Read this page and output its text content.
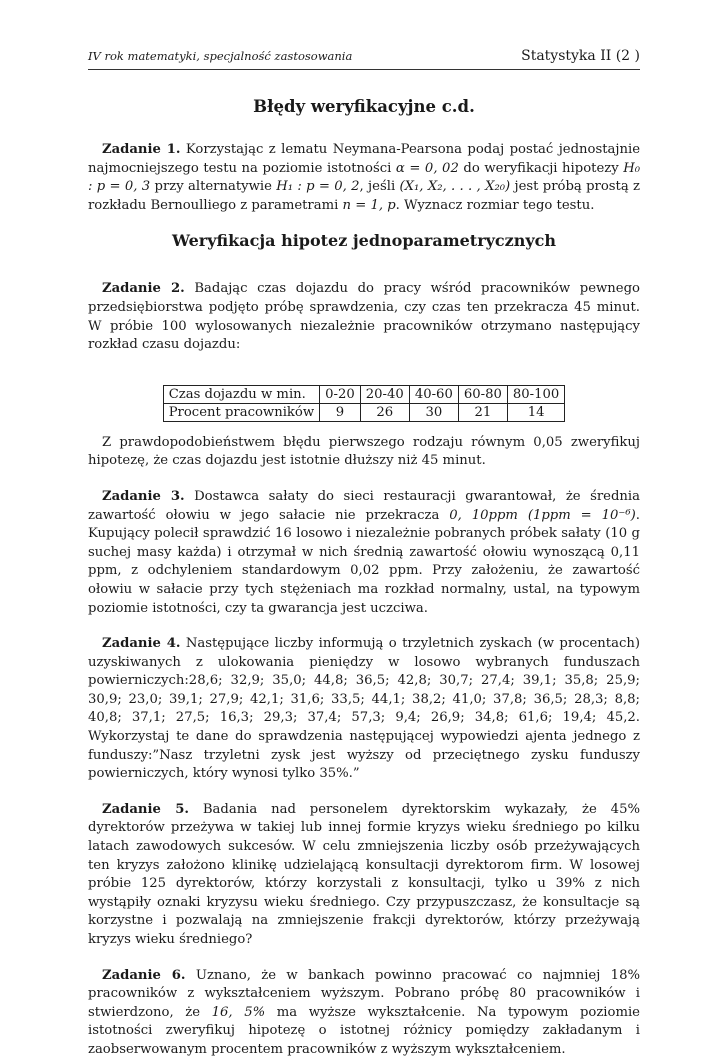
IV rok matematyki, specjalność zastosowania	Statystyka II (2 )
Błędy weryfikacyjne c.d.

Zadanie 1. Korzystając z lematu Neymana-Pearsona podaj postać jednostajnie najmocniejszego testu na poziomie istotności α = 0, 02 do weryfikacji hipotezy H₀ : p = 0, 3 przy alternatywie H₁ : p = 0, 2, jeśli (X₁, X₂, . . . , X₂₀) jest próbą prostą z rozkładu Bernoulliego z parametrami n = 1, p. Wyznacz rozmiar tego testu.

Weryfikacja hipotez jednoparametrycznych

Zadanie 2. Badając czas dojazdu do pracy wśród pracowników pewnego przedsiębiorstwa podjęto próbę sprawdzenia, czy czas ten przekracza 45 minut. W próbie 100 wylosowanych niezależnie pracowników otrzymano następujący rozkład czasu dojazdu:

Czas dojazdu w min.	0-20	20-40	40-60	60-80	80-100
Procent pracowników	9	26	30	21	14

Z prawdopodobieństwem błędu pierwszego rodzaju równym 0,05 zweryfikuj hipotezę, że czas dojazdu jest istotnie dłuższy niż 45 minut.

Zadanie 3. Dostawca sałaty do sieci restauracji gwarantował, że średnia zawartość ołowiu w jego sałacie nie przekracza 0, 10ppm (1ppm = 10⁻⁶). Kupujący polecił sprawdzić 16 losowo i niezależnie pobranych próbek sałaty (10 g suchej masy każda) i otrzymał w nich średnią zawartość ołowiu wynoszącą 0,11 ppm, z odchyleniem standardowym 0,02 ppm. Przy założeniu, że zawartość ołowiu w sałacie przy tych stężeniach ma rozkład normalny, ustal, na typowym poziomie istotności, czy ta gwarancja jest uczciwa.

Zadanie 4. Następujące liczby informują o trzyletnich zyskach (w procentach) uzyskiwanych z ulokowania pieniędzy w losowo wybranych funduszach powierniczych:28,6; 32,9; 35,0; 44,8; 36,5; 42,8; 30,7; 27,4; 39,1; 35,8; 25,9; 30,9; 23,0; 39,1; 27,9; 42,1; 31,6; 33,5; 44,1; 38,2; 41,0; 37,8; 36,5; 28,3; 8,8; 40,8; 37,1; 27,5; 16,3; 29,3; 37,4; 57,3; 9,4; 26,9; 34,8; 61,6; 19,4; 45,2. Wykorzystaj te dane do sprawdzenia następującej wypowiedzi ajenta jednego z funduszy:”Nasz trzyletni zysk jest wyższy od przeciętnego zysku funduszy powierniczych, który wynosi tylko 35%.”

Zadanie 5. Badania nad personelem dyrektorskim wykazały, że 45% dyrektorów przeżywa w takiej lub innej formie kryzys wieku średniego po kilku latach zawodowych sukcesów. W celu zmniejszenia liczby osób przeżywających ten kryzys założono klinikę udzielającą konsultacji dyrektorom firm. W losowej próbie 125 dyrektorów, którzy korzystali z konsultacji, tylko u 39% z nich wystąpiły oznaki kryzysu wieku średniego. Czy przypuszczasz, że konsultacje są korzystne i pozwalają na zmniejszenie frakcji dyrektorów, którzy przeżywają kryzys wieku średniego?

Zadanie 6. Uznano, że w bankach powinno pracować co najmniej 18% pracowników z wykształceniem wyższym. Pobrano próbę 80 pracowników i stwierdzono, że 16, 5% ma wyższe wykształcenie. Na typowym poziomie istotności zweryfikuj hipotezę o istotnej różnicy pomiędzy zakładanym i zaobserwowanym procentem pracowników z wyższym wykształceniem.
